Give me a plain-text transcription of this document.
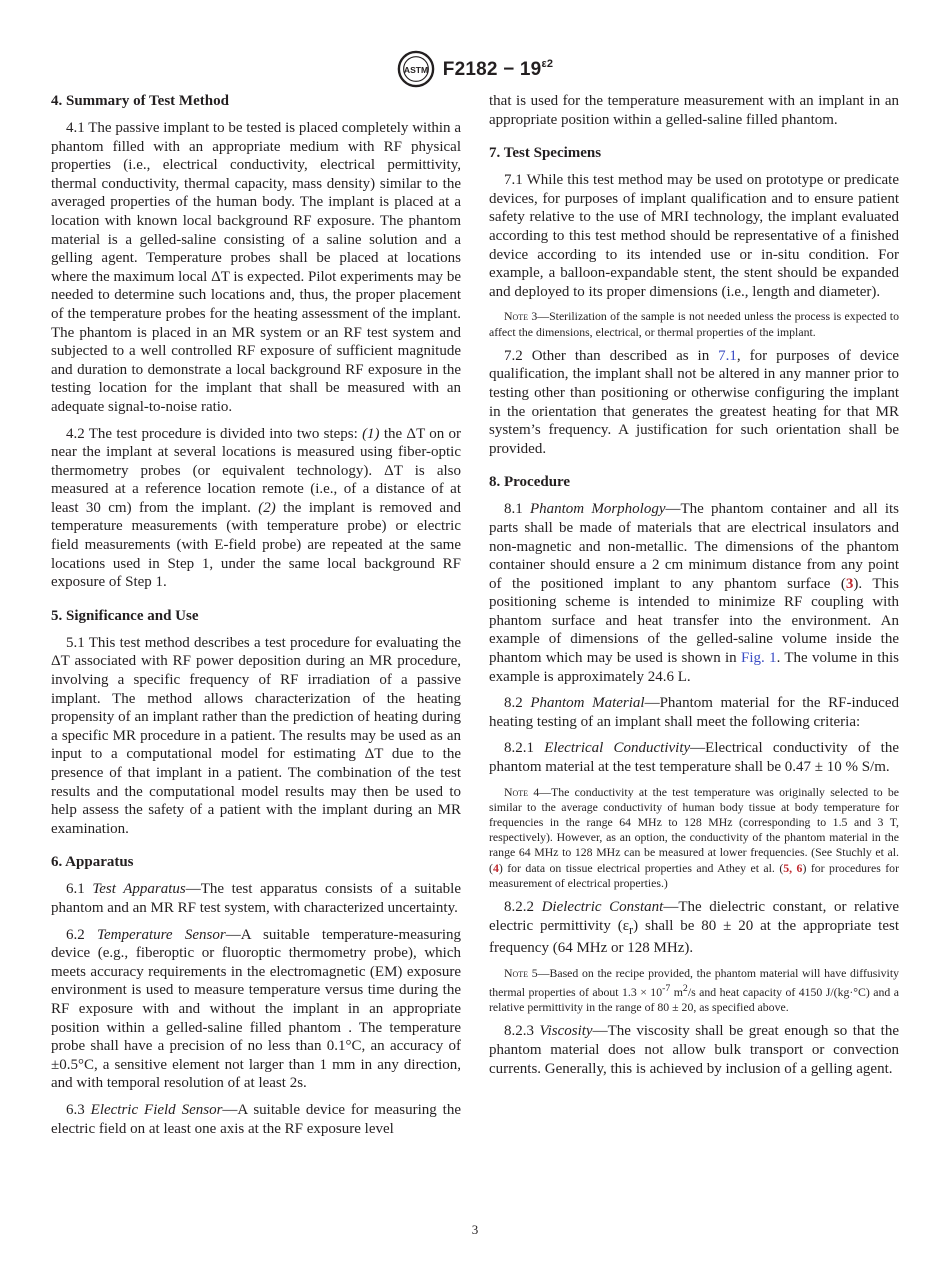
ASTM $F2182 - 19^{\varepsilon 2}$
4. Summary of Test Method

4.1 The passive implant to be tested is placed completely within a phantom filled with an appropriate medium with RF physical properties (i.e., electrical conductivity, electrical permittivity, thermal conductivity, thermal capacity, mass density) similar to the averaged properties of the human body. The implant is placed at a location with known local background RF exposure. The phantom material is a gelled-saline consisting of a saline solution and a gelling agent. Temperature probes shall be placed at locations where the maximum local ΔT is expected. Pilot experiments may be needed to determine such locations and, thus, the proper placement of the temperature probes for the heating assessment of the implant. The phantom is placed in an MR system or an RF test system and subjected to a well controlled RF exposure of sufficient magnitude and duration to demonstrate a local background RF exposure in the testing location for the implant that shall be measured with an adequate signal-to-noise ratio.

4.2 The test procedure is divided into two steps: (1) the ΔT on or near the implant at several locations is measured using fiber-optic thermometry probes (or equivalent technology). ΔT is also measured at a reference location remote (i.e., of a distance of at least 30 cm) from the implant. (2) the implant is removed and temperature measurements (with temperature probe) or electric field measurements (with E-field probe) are repeated at the same locations used in Step 1, under the same local background RF exposure of Step 1.

5. Significance and Use

5.1 This test method describes a test procedure for evaluating the ΔT associated with RF power deposition during an MR procedure, involving a specific frequency of RF irradiation of a passive implant. The method allows characterization of the heating propensity of an implant rather than the prediction of heating during a specific MR procedure in a patient. The results may be used as an input to a computational model for estimating ΔT due to the presence of that implant in a patient. The combination of the test results and the computational model results may then be used to help assess the safety of a patient with the implant during an MR examination.

6. Apparatus

6.1 Test Apparatus—The test apparatus consists of a suitable phantom and an MR RF test system, with characterized uncertainty.

6.2 Temperature Sensor—A suitable temperature-measuring device (e.g., fiberoptic or fluoroptic thermometry probe), which meets accuracy requirements in the electromagnetic (EM) exposure environment is used to measure temperature versus time during the RF exposure with and without the implant in an appropriate position within a gelled-saline filled phantom . The temperature probe shall have a precision of no less than 0.1°C, an accuracy of ±0.5°C, a sensitive element not larger than 1 mm in any direction, and with temporal resolution of at least 2s.

6.3 Electric Field Sensor—A suitable device for measuring the electric field on at least one axis at the RF exposure level

that is used for the temperature measurement with an implant in an appropriate position within a gelled-saline filled phantom.

7. Test Specimens

7.1 While this test method may be used on prototype or predicate devices, for purposes of implant qualification and to ensure patient safety relative to the use of MRI technology, the implant evaluated according to this test method should be representative of a finished device according to its intended use or in-situ condition. For example, a balloon-expandable stent, the stent should be expanded and deployed to its proper dimensions (i.e., length and diameter).

Note 3—Sterilization of the sample is not needed unless the process is expected to affect the dimensions, electrical, or thermal properties of the implant.

7.2 Other than described as in 7.1, for purposes of device qualification, the implant shall not be altered in any manner prior to testing other than positioning or otherwise configuring the implant in the orientation that generates the greatest heating for that MR system’s frequency. A justification for such orientation shall be provided.

8. Procedure

8.1 Phantom Morphology—The phantom container and all its parts shall be made of materials that are electrical insulators and non-magnetic and non-metallic. The dimensions of the phantom container should ensure a 2 cm minimum distance from any point of the positioned implant to any phantom surface (3). This positioning scheme is intended to minimize RF coupling with phantom surface and heat transfer into the environment. An example of dimensions of the gelled-saline volume inside the phantom which may be used is shown in Fig. 1. The volume in this example is approximately 24.6 L.

8.2 Phantom Material—Phantom material for the RF-induced heating testing of an implant shall meet the following criteria:

8.2.1 Electrical Conductivity—Electrical conductivity of the phantom material at the test temperature shall be 0.47 ± 10 % S/m.

Note 4—The conductivity at the test temperature was originally selected to be similar to the average conductivity of human body tissue at body temperature for frequencies in the range 64 MHz to 128 MHz (corresponding to 1.5 and 3 T, respectively). However, as an option, the conductivity of the phantom material in the range 64 MHz to 128 MHz can be measured at lower frequencies. (See Stuchly et al. (4) for data on tissue electrical properties and Athey et al. (5, 6) for procedures for measurement of electrical properties.)

8.2.2 Dielectric Constant—The dielectric constant, or relative electric permittivity $(\varepsilon_r)$ shall be 80 ± 20 at the appropriate test frequency (64 MHz or 128 MHz).

Note 5—Based on the recipe provided, the phantom material will have diffusivity thermal properties of about $1.3 \times 10^{-7}$ $m^2/s$ and heat capacity of 4150 J/(kg·°C) and a relative permittivity in the range of 80 ± 20, as specified above.

8.2.3 Viscosity—The viscosity shall be great enough so that the phantom material does not allow bulk transport or convection currents. Generally, this is achieved by inclusion of a gelling agent.

3
